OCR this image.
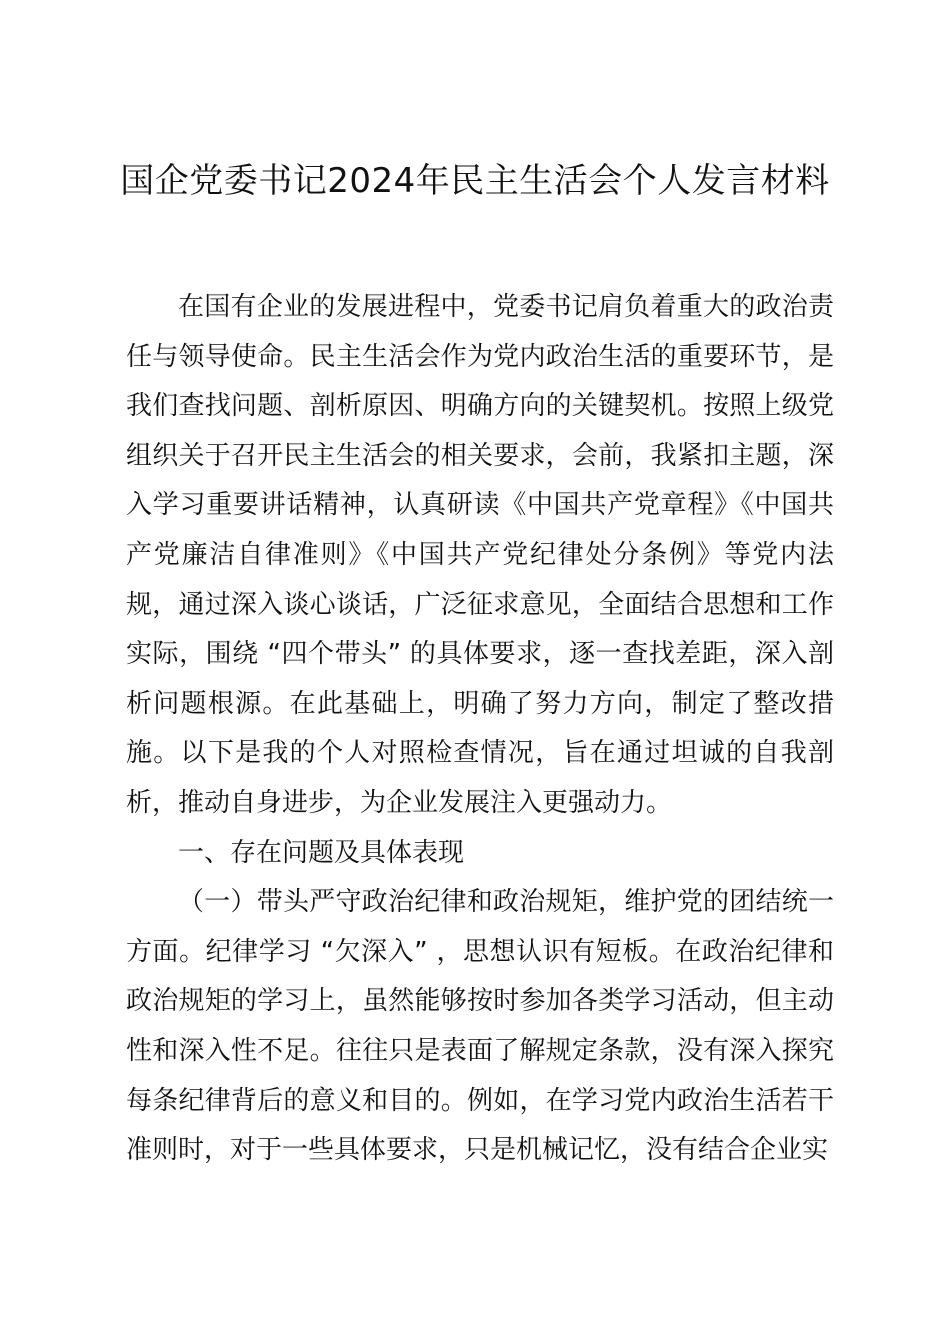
国企党委书记2024年民主生活会个人发言材料

在国有企业的发展进程中，党委书记肩负着重大的政治责任与领导使命。民主生活会作为党内政治生活的重要环节，是我们查找问题、剖析原因、明确方向的关键契机。按照上级党组织关于召开民主生活会的相关要求，会前，我紧扣主题，深入学习重要讲话精神，认真研读《中国共产党章程》《中国共产党廉洁自律准则》《中国共产党纪律处分条例》等党内法规，通过深入谈心谈话，广泛征求意见，全面结合思想和工作实际，围绕 “四个带头” 的具体要求，逐一查找差距，深入剖析问题根源。在此基础上，明确了努力方向，制定了整改措施。以下是我的个人对照检查情况，旨在通过坦诚的自我剖析，推动自身进步，为企业发展注入更强动力。

一、存在问题及具体表现

（一）带头严守政治纪律和政治规矩，维护党的团结统一方面。纪律学习 “欠深入” ，思想认识有短板。在政治纪律和政治规矩的学习上，虽然能够按时参加各类学习活动，但主动性和深入性不足。往往只是表面了解规定条款，没有深入探究每条纪律背后的意义和目的。例如，在学习党内政治生活若干准则时，对于一些具体要求，只是机械记忆，没有结合企业实
